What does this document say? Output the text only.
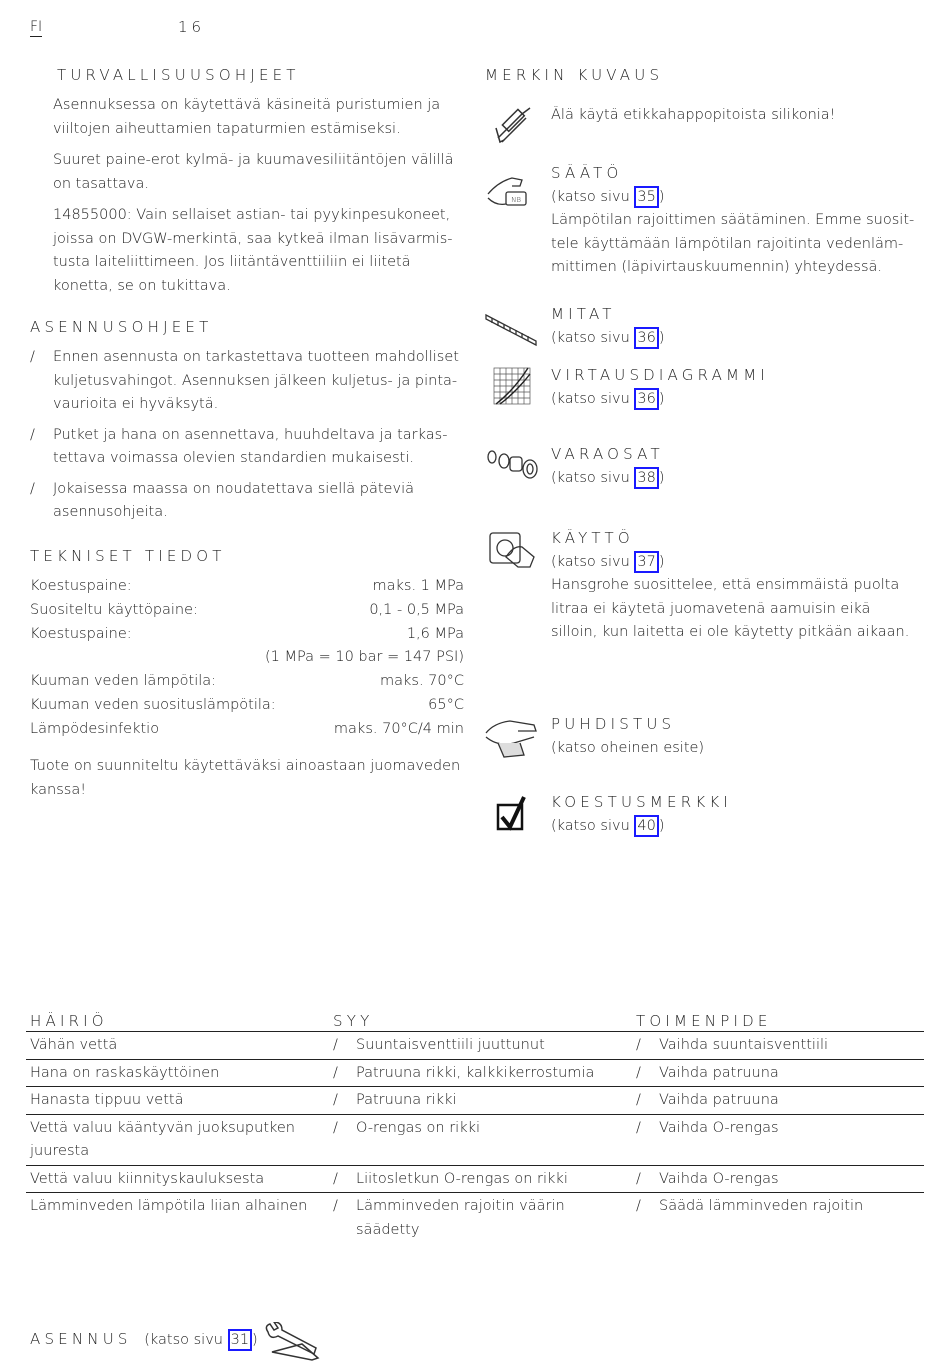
FI	16
TURVALLISUUSOHJEET

Asennuksessa on käytettävä käsineitä puristumien ja viiltojen aiheuttamien tapaturmien estämiseksi.

Suuret paine-erot kylmä- ja kuumavesiliitäntöjen välillä on tasattava.

14855000: Vain sellaiset astian- tai pyykinpesukoneet, joissa on DVGW-merkintä, saa kytkeä ilman lisävarmis-tusta laiteliittimeen. Jos liitäntäventtiiliin ei liitetä konetta, se on tukittava.

ASENNUSOHJEET
/	Ennen asennusta on tarkastettava tuotteen mahdolliset kuljetusvahingot. Asennuksen jälkeen kuljetus- ja pinta-vaurioita ei hyväksytä.
/	Putket ja hana on asennettava, huuhdeltava ja tarkas-tettava voimassa olevien standardien mukaisesti.
/	Jokaisessa maassa on noudatettava siellä päteviä asennusohjeita.
TEKNISET TIEDOT
Koestuspaine:	maks. 1 MPa
Suositeltu käyttöpaine:	0,1 - 0,5 MPa
Koestuspaine:	1,6 MPa
(1 MPa = 10 bar = 147 PSI)
Kuuman veden lämpötila:	maks. 70°C
Kuuman veden suosituslämpötila:	65°C
Lämpödesinfektio	maks. 70°C/4 min
Tuote on suunniteltu käytettäväksi ainoastaan juomaveden kanssa!
MERKIN KUVAUS
Älä käytä etikkahappopitoista silikonia!
NB
SÄÄTÖ
(katso sivu 35 )
Lämpötilan rajoittimen säätäminen. Emme suosit-tele käyttämään lämpötilan rajoitinta vedenläm-mittimen (läpivirtauskuumennin) yhteydessä.
MITAT
(katso sivu 36 )
VIRTAUSDIAGRAMMI
(katso sivu 36 )
VARAOSAT
(katso sivu 38 )
KÄYTTÖ
(katso sivu 37 )
Hansgrohe suosittelee, että ensimmäistä puolta litraa ei käytetä juomavetenä aamuisin eikä silloin, kun laitetta ei ole käytetty pitkään aikaan.
PUHDISTUS
(katso oheinen esite)
KOESTUSMERKKI
(katso sivu 40 )
HÄIRIÖ	SYY	TOIMENPIDE
Vähän vettä	/ Suuntaisventtiili juuttunut	/ Vaihda suuntaisventtiili

Hana on raskaskäyttöinen	/ Patruuna rikki, kalkkikerrostumia	/ Vaihda patruuna

Hanasta tippuu vettä	/ Patruuna rikki	/ Vaihda patruuna

Vettä valuu kääntyvän juoksuputken juuresta	/ O-rengas on rikki	/ Vaihda O-rengas

Vettä valuu kiinnityskauluksesta	/ Liitosletkun O-rengas on rikki	/ Vaihda O-rengas

Lämminveden lämpötila liian alhainen	/ Lämminveden rajoitin väärin säädetty	/ Säädä lämminveden rajoitin
ASENNUS (katso sivu 31 )
